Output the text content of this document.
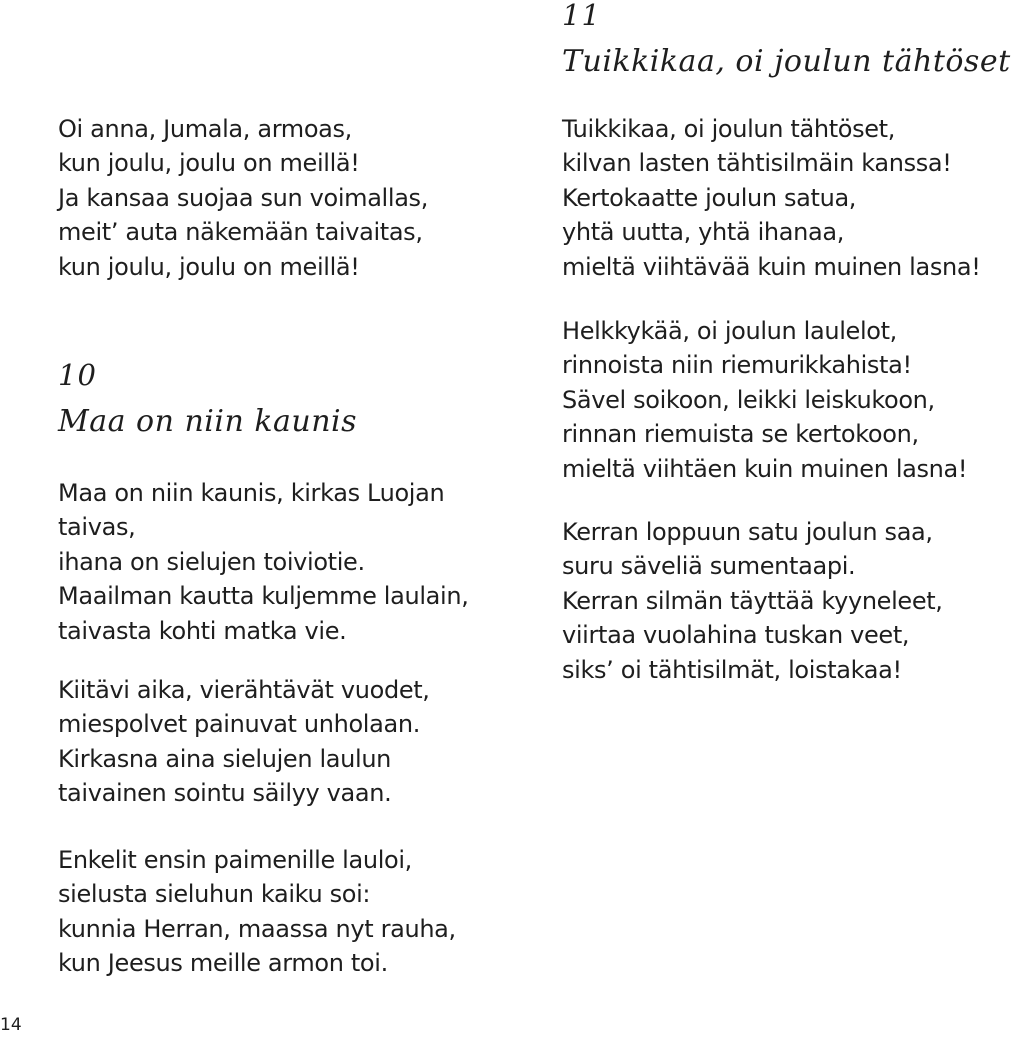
Oi anna, Jumala, armoas,
kun joulu, joulu on meillä!
Ja kansaa suojaa sun voimallas,
meit’ auta näkemään taivaitas,
kun joulu, joulu on meillä!
10
Maa on niin kaunis
Maa on niin kaunis, kirkas Luojan
taivas,
ihana on sielujen toiviotie.
Maailman kautta kuljemme laulain,
taivasta kohti matka vie.
Kiitävi aika, vierähtävät vuodet,
miespolvet painuvat unholaan.
Kirkasna aina sielujen laulun
taivainen sointu säilyy vaan.
Enkelit ensin paimenille lauloi,
sielusta sieluhun kaiku soi:
kunnia Herran, maassa nyt rauha,
kun Jeesus meille armon toi.
11
Tuikkikaa, oi joulun tähtöset
Tuikkikaa, oi joulun tähtöset,
kilvan lasten tähtisilmäin kanssa!
Kertokaatte joulun satua,
yhtä uutta, yhtä ihanaa,
mieltä viihtävää kuin muinen lasna!
Helkkykää, oi joulun laulelot,
rinnoista niin riemurikkahista!
Sävel soikoon, leikki leiskukoon,
rinnan riemuista se kertokoon,
mieltä viihtäen kuin muinen lasna!
Kerran loppuun satu joulun saa,
suru säveliä sumentaapi.
Kerran silmän täyttää kyyneleet,
viirtaa vuolahina tuskan veet,
siks’ oi tähtisilmät, loistakaa!
14
